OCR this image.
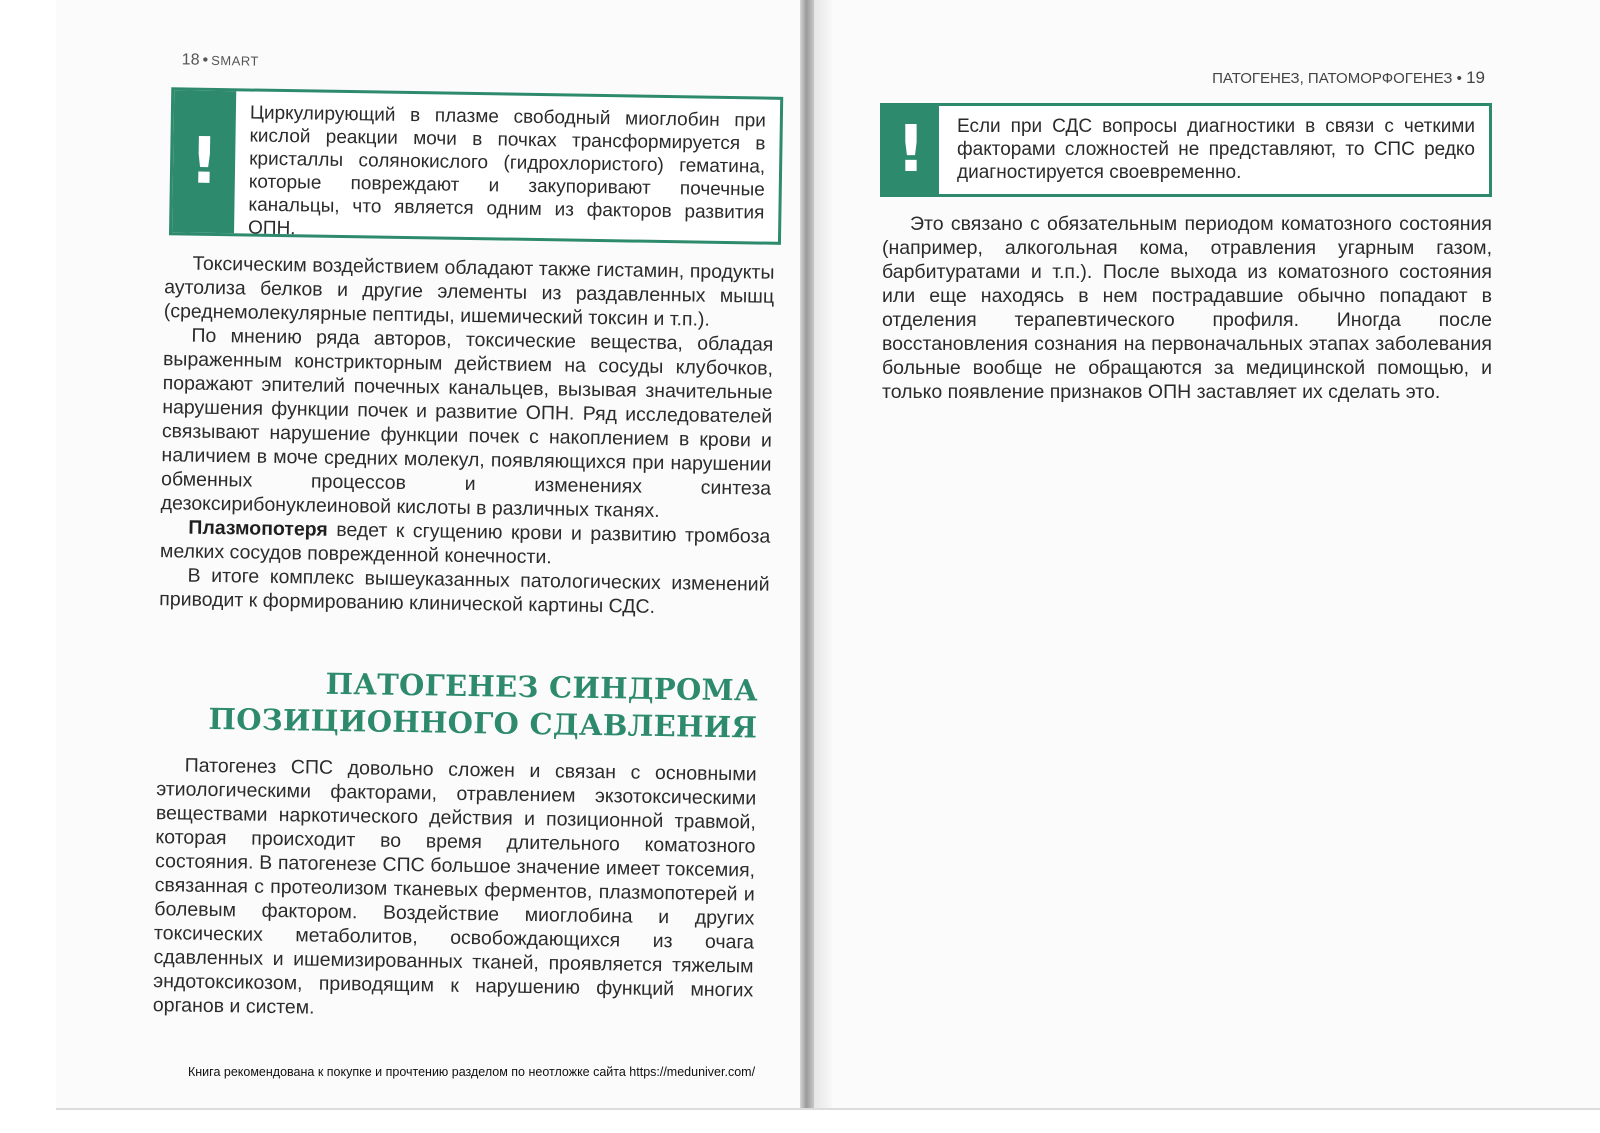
18 • SMART
!
Циркулирующий в плазме свободный миоглобин при кислой реакции мочи в почках трансформируется в кристаллы солянокислого (гидрохлористого) гематина, которые повреждают и закупоривают почечные канальцы, что является одним из факторов развития ОПН.

Токсическим воздействием обладают также гистамин, продукты аутолиза белков и другие элементы из раздавленных мышц (среднемолекулярные пептиды, ишемический токсин и т.п.).

По мнению ряда авторов, токсические вещества, обладая выраженным констрикторным действием на сосуды клубочков, поражают эпителий почечных канальцев, вызывая значительные нарушения функции почек и развитие ОПН. Ряд исследователей связывают нарушение функции почек с накоплением в крови и наличием в моче средних молекул, появляющихся при нарушении обменных процессов и изменениях синтеза дезоксирибонуклеиновой кислоты в различных тканях.

Плазмопотеря ведет к сгущению крови и развитию тромбоза мелких сосудов поврежденной конечности.

В итоге комплекс вышеуказанных патологических изменений приводит к формированию клинической картины СДС.

ПАТОГЕНЕЗ СИНДРОМА
ПОЗИЦИОННОГО СДАВЛЕНИЯ

Патогенез СПС довольно сложен и связан с основными этиологическими факторами, отравлением экзотоксическими веществами наркотического действия и позиционной травмой, которая происходит во время длительного коматозного состояния. В патогенезе СПС большое значение имеет токсемия, связанная с протеолизом тканевых ферментов, плазмопотерей и болевым фактором. Воздействие миоглобина и других токсических метаболитов, освобождающихся из очага сдавленных и ишемизированных тканей, проявляется тяжелым эндотоксикозом, приводящим к нарушению функций многих органов и систем.

ПАТОГЕНЕЗ, ПАТОМОРФОГЕНЕЗ • 19
! Если при СДС вопросы диагностики в связи с четкими факторами сложностей не представляют, то СПС редко диагностируется своевременно.

Это связано с обязательным периодом коматозного состояния (например, алкогольная кома, отравления угарным газом, барбитуратами и т.п.). После выхода из коматозного состояния или еще находясь в нем пострадавшие обычно попадают в отделения терапевтического профиля. Иногда после восстановления сознания на первоначальных этапах заболевания больные вообще не обращаются за медицинской помощью, и только появление признаков ОПН заставляет их сделать это.

Книга рекомендована к покупке и прочтению разделом по неотложке сайта https://meduniver.com/
